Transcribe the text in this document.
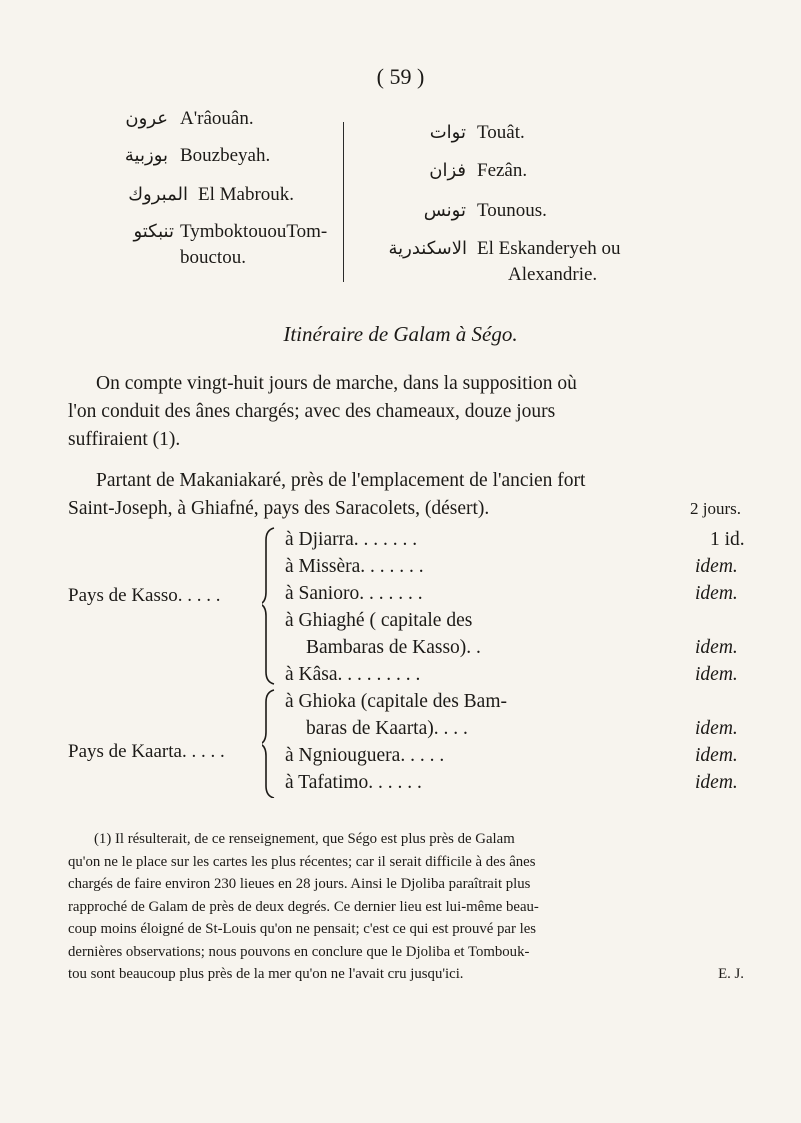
( 59 )
عرون A'râouân.
بوزبية Bouzbeyah.
المبروك El Mabrouk.
تنبكتو TymboktououTom-
bouctou.
توات Touât.
فزان Fezân.
تونس Tounous.
الاسكندرية El Eskanderyeh ou
Alexandrie.
Itinéraire de Galam à Ségo.
On compte vingt-huit jours de marche, dans la supposition où
l'on conduit des ânes chargés; avec des chameaux, douze jours
suffiraient (1).
Partant de Makaniakaré, près de l'emplacement de l'ancien fort
Saint-Joseph, à Ghiafné, pays des Saracolets, (désert).	2 jours.
Pays de Kasso. . . . .
à Djiarra. . . . . . .	1 id.
à Missèra. . . . . . .	idem.
à Sanioro. . . . . . .	idem.
à Ghiaghé ( capitale des
Bambaras de Kasso). .	idem.
à Kâsa. . . . . . . . .	idem.
Pays de Kaarta. . . . .
à Ghioka (capitale des Bam-
baras de Kaarta). . . .	idem.
à Ngniouguera. . . . .	idem.
à Tafatimo. . . . . .	idem.
(1) Il résulterait, de ce renseignement, que Ségo est plus près de Galam
qu'on ne le place sur les cartes les plus récentes; car il serait difficile à des ânes
chargés de faire environ 230 lieues en 28 jours. Ainsi le Djoliba paraîtrait plus
rapproché de Galam de près de deux degrés. Ce dernier lieu est lui-même beau-
coup moins éloigné de St-Louis qu'on ne pensait; c'est ce qui est prouvé par les
dernières observations; nous pouvons en conclure que le Djoliba et Tombouk-
tou sont beaucoup plus près de la mer qu'on ne l'avait cru jusqu'ici.	E. J.
